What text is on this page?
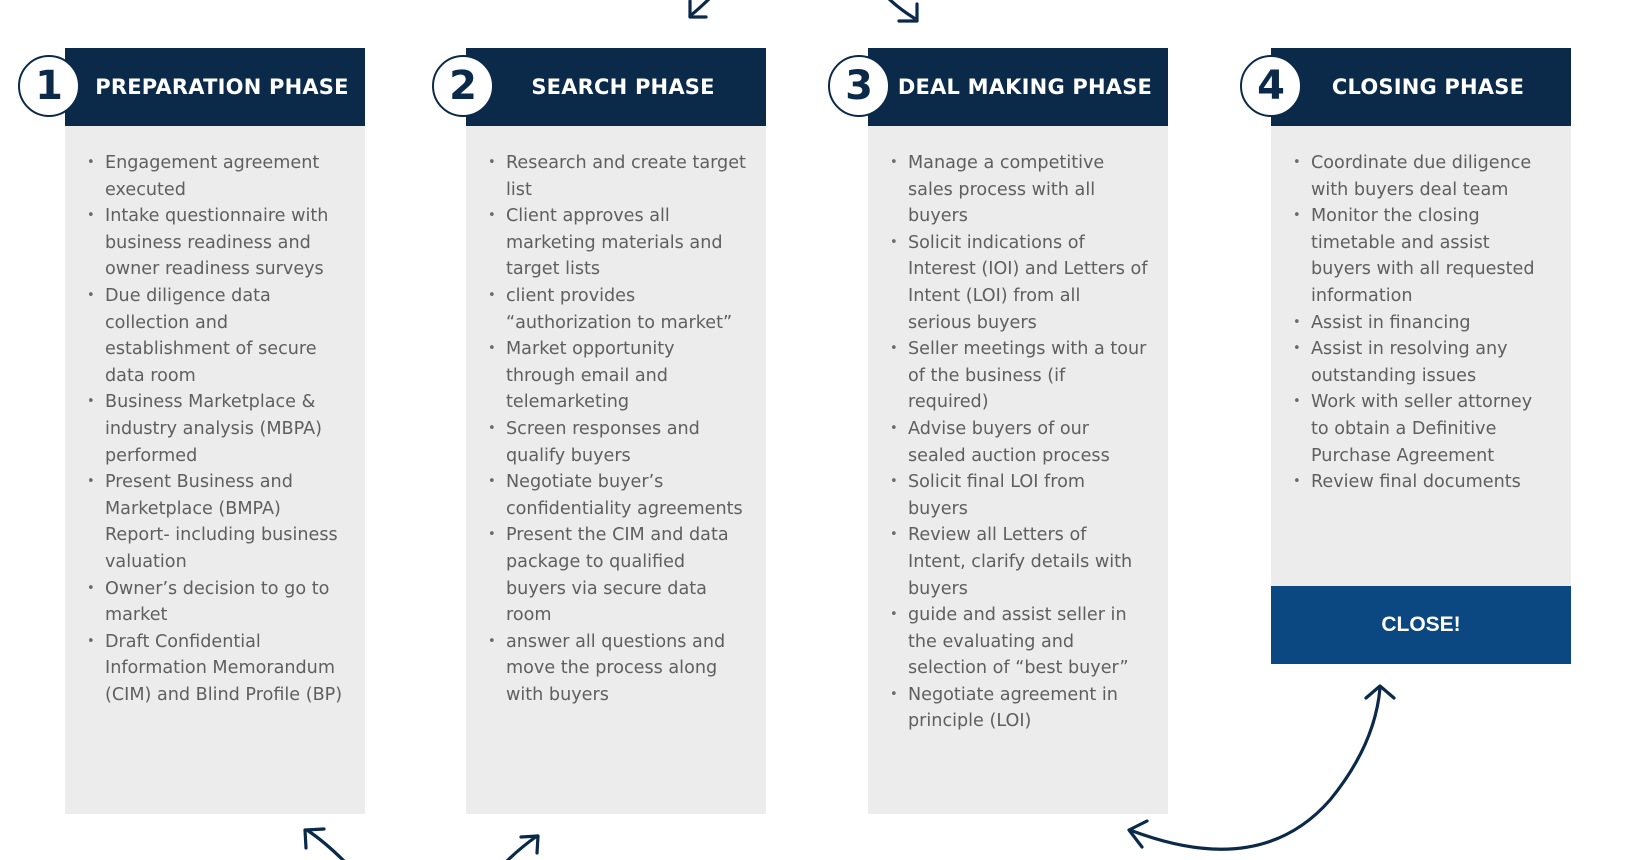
PREPARATION PHASE
• Engagement agreement executed
• Intake questionnaire with business readiness and owner readiness surveys
• Due diligence data collection and establishment of secure data room
• Business Marketplace & industry analysis (MBPA) performed
• Present Business and Marketplace (BMPA) Report- including business valuation
• Owner’s decision to go to market
• Draft Confidential Information Memorandum (CIM) and Blind Profile (BP)
1	SEARCH PHASE
• Research and create target list
• Client approves all marketing materials and target lists
• client provides “authorization to market”
• Market opportunity through email and telemarketing
• Screen responses and qualify buyers
• Negotiate buyer’s confidentiality agreements
• Present the CIM and data package to qualified buyers via secure data room
• answer all questions and move the process along with buyers
2	DEAL MAKING PHASE
• Manage a competitive sales process with all buyers
• Solicit indications of Interest (IOI) and Letters of Intent (LOI) from all serious buyers
• Seller meetings with a tour of the business (if required)
• Advise buyers of our sealed auction process
• Solicit final LOI from buyers
• Review all Letters of Intent, clarify details with buyers
• guide and assist seller in the evaluating and selection of “best buyer”
• Negotiate agreement in principle (LOI)
3	CLOSING PHASE
• Coordinate due diligence with buyers deal team
• Monitor the closing timetable and assist buyers with all requested information
• Assist in financing
• Assist in resolving any outstanding issues
• Work with seller attorney to obtain a Definitive Purchase Agreement
• Review final documents
4
CLOSE!
